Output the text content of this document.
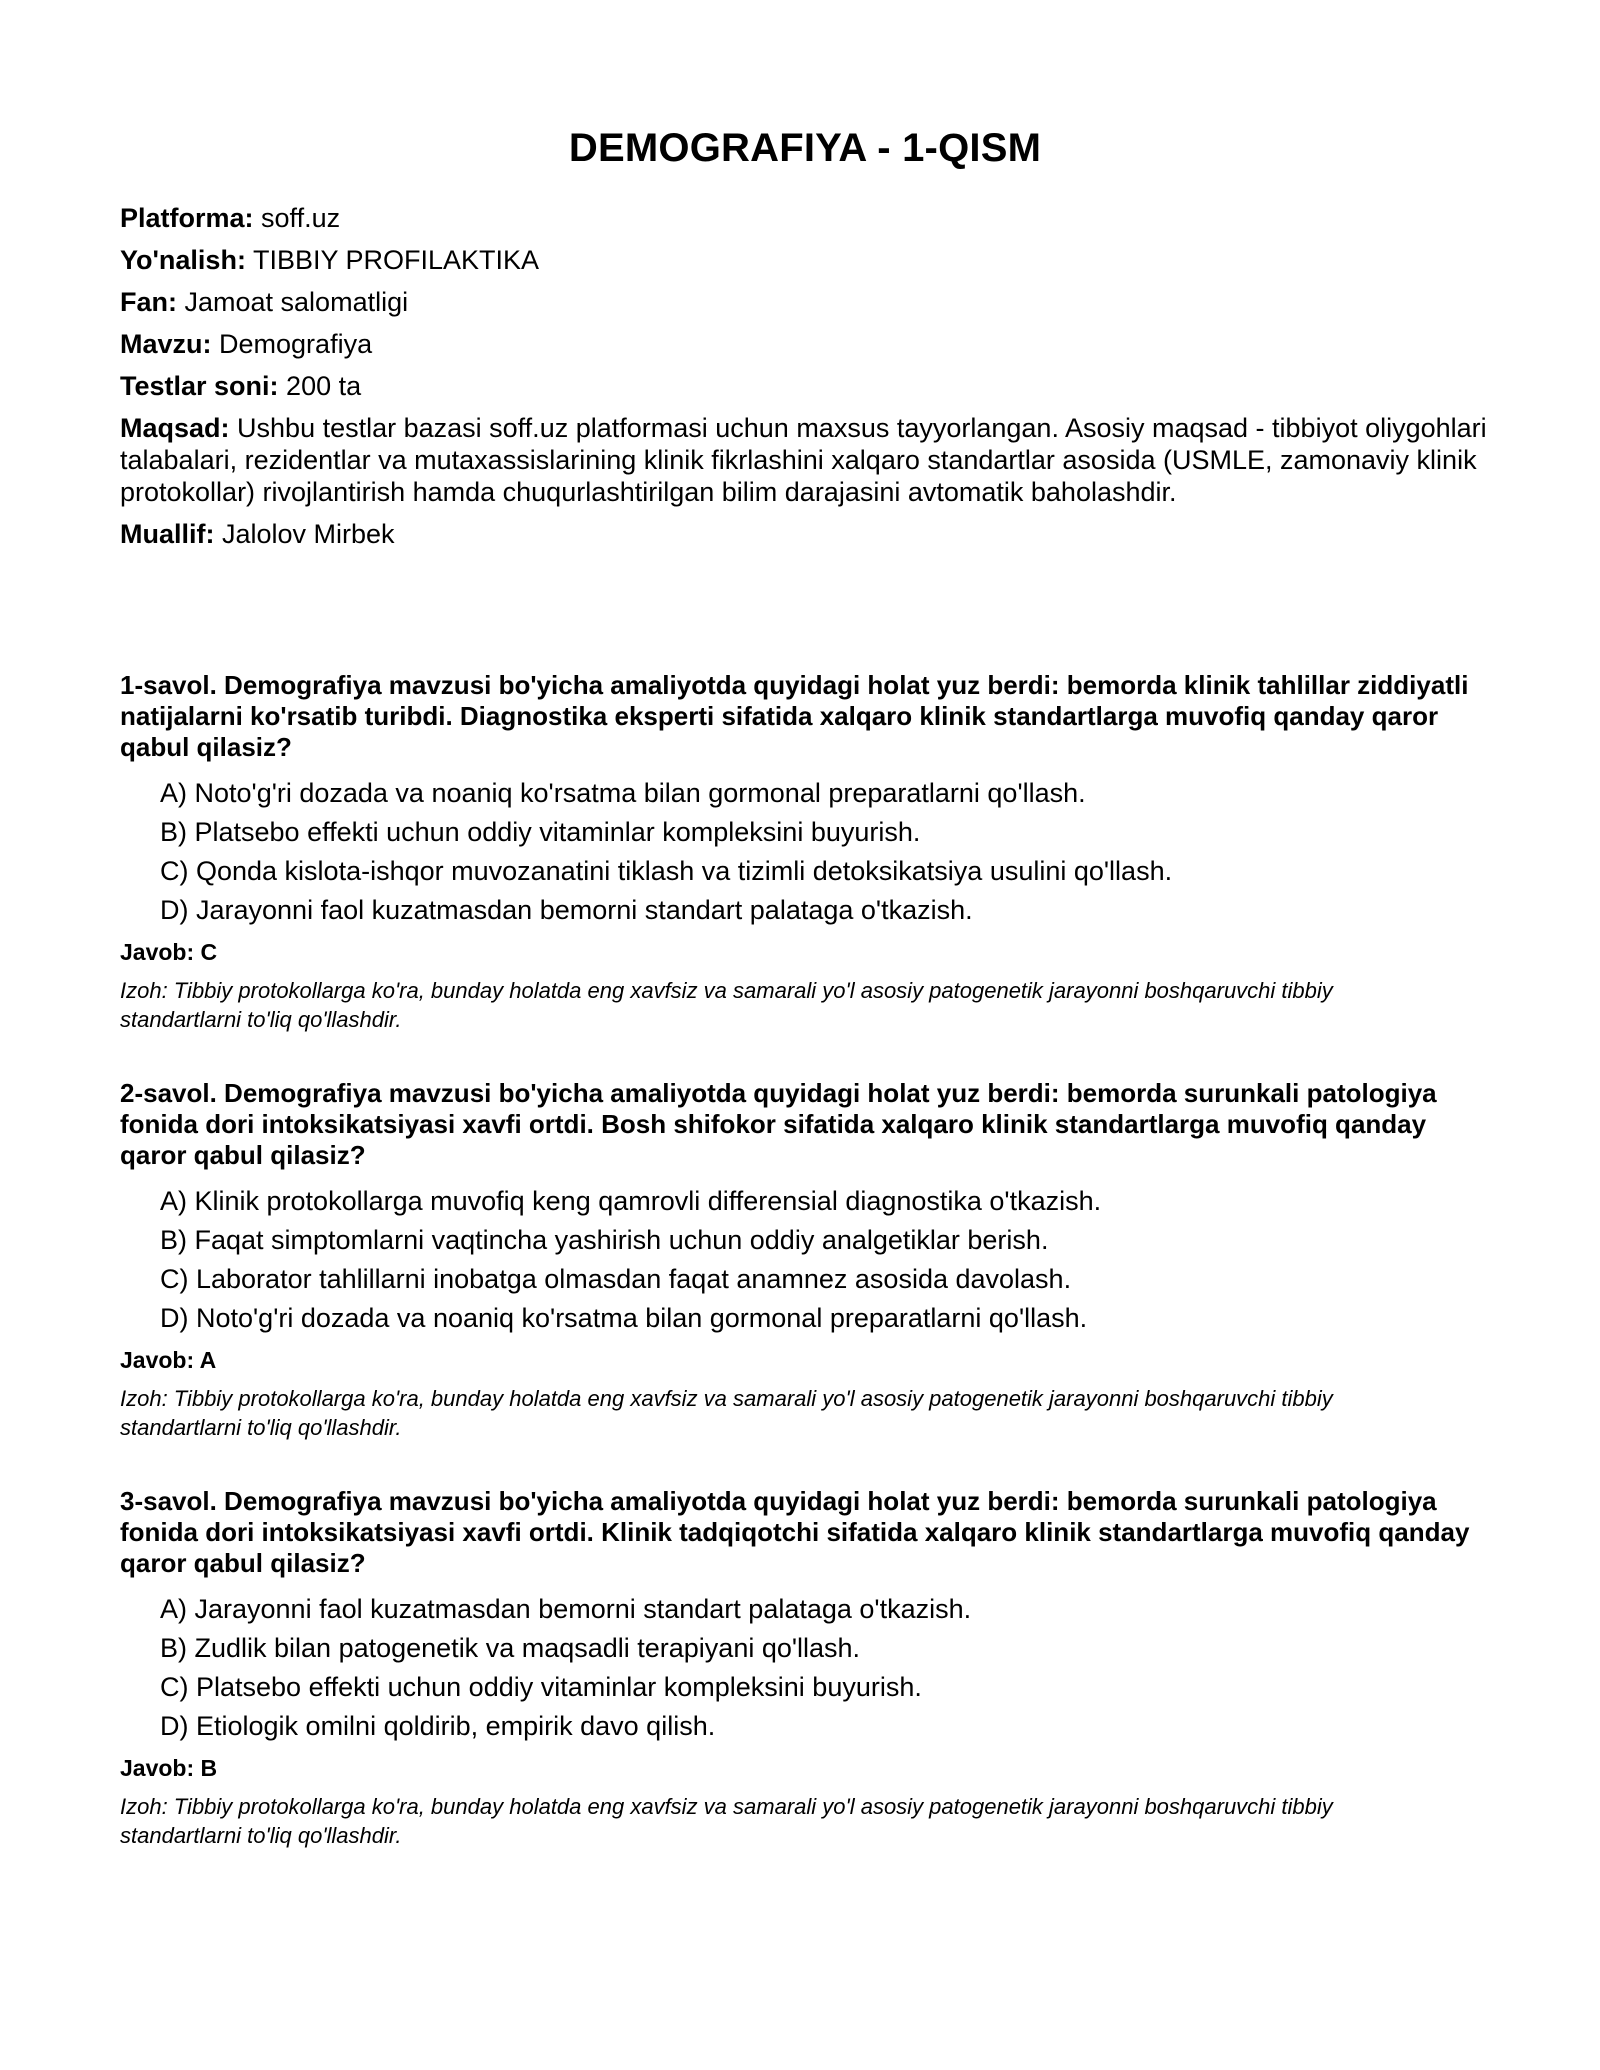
DEMOGRAFIYA - 1-QISM
Platforma: soff.uz
Yo'nalish: TIBBIY PROFILAKTIKA
Fan: Jamoat salomatligi
Mavzu: Demografiya
Testlar soni: 200 ta
Maqsad: Ushbu testlar bazasi soff.uz platformasi uchun maxsus tayyorlangan. Asosiy maqsad - tibbiyot oliygohlari talabalari, rezidentlar va mutaxassislarining klinik fikrlashini xalqaro standartlar asosida (USMLE, zamonaviy klinik protokollar) rivojlantirish hamda chuqurlashtirilgan bilim darajasini avtomatik baholashdir.
Muallif: Jalolov Mirbek

1-savol. Demografiya mavzusi bo'yicha amaliyotda quyidagi holat yuz berdi: bemorda klinik tahlillar ziddiyatli natijalarni ko'rsatib turibdi. Diagnostika eksperti sifatida xalqaro klinik standartlarga muvofiq qanday qaror qabul qilasiz?

A) Noto'g'ri dozada va noaniq ko'rsatma bilan gormonal preparatlarni qo'llash.
B) Platsebo effekti uchun oddiy vitaminlar kompleksini buyurish.
C) Qonda kislota-ishqor muvozanatini tiklash va tizimli detoksikatsiya usulini qo'llash.
D) Jarayonni faol kuzatmasdan bemorni standart palataga o'tkazish.
Javob: C
Izoh: Tibbiy protokollarga ko'ra, bunday holatda eng xavfsiz va samarali yo'l asosiy patogenetik jarayonni boshqaruvchi tibbiy standartlarni to'liq qo'llashdir.

2-savol. Demografiya mavzusi bo'yicha amaliyotda quyidagi holat yuz berdi: bemorda surunkali patologiya fonida dori intoksikatsiyasi xavfi ortdi. Bosh shifokor sifatida xalqaro klinik standartlarga muvofiq qanday qaror qabul qilasiz?

A) Klinik protokollarga muvofiq keng qamrovli differensial diagnostika o'tkazish.
B) Faqat simptomlarni vaqtincha yashirish uchun oddiy analgetiklar berish.
C) Laborator tahlillarni inobatga olmasdan faqat anamnez asosida davolash.
D) Noto'g'ri dozada va noaniq ko'rsatma bilan gormonal preparatlarni qo'llash.
Javob: A
Izoh: Tibbiy protokollarga ko'ra, bunday holatda eng xavfsiz va samarali yo'l asosiy patogenetik jarayonni boshqaruvchi tibbiy standartlarni to'liq qo'llashdir.

3-savol. Demografiya mavzusi bo'yicha amaliyotda quyidagi holat yuz berdi: bemorda surunkali patologiya fonida dori intoksikatsiyasi xavfi ortdi. Klinik tadqiqotchi sifatida xalqaro klinik standartlarga muvofiq qanday qaror qabul qilasiz?

A) Jarayonni faol kuzatmasdan bemorni standart palataga o'tkazish.
B) Zudlik bilan patogenetik va maqsadli terapiyani qo'llash.
C) Platsebo effekti uchun oddiy vitaminlar kompleksini buyurish.
D) Etiologik omilni qoldirib, empirik davo qilish.
Javob: B
Izoh: Tibbiy protokollarga ko'ra, bunday holatda eng xavfsiz va samarali yo'l asosiy patogenetik jarayonni boshqaruvchi tibbiy standartlarni to'liq qo'llashdir.
